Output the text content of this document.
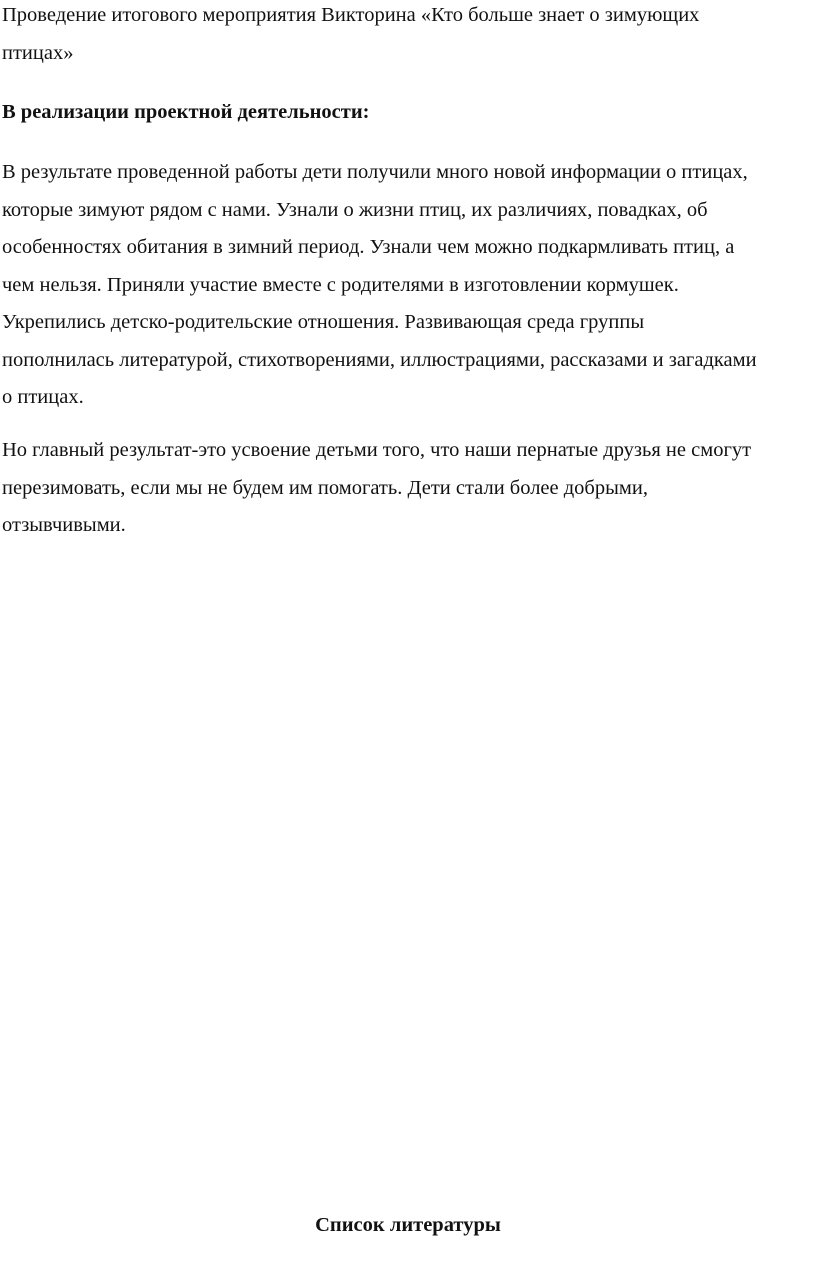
Проведение итогового мероприятия Викторина «Кто больше знает о зимующих
птицах»

В реализации проектной деятельности:

В результате проведенной работы дети получили много новой информации о птицах,
которые зимуют рядом с нами. Узнали о жизни птиц, их различиях, повадках, об
особенностях обитания в зимний период. Узнали чем можно подкармливать птиц, а
чем нельзя. Приняли участие вместе с родителями в изготовлении кормушек.
Укрепились детско-родительские отношения. Развивающая среда группы
пополнилась литературой, стихотворениями, иллюстрациями, рассказами и загадками
о птицах.

Но главный результат-это усвоение детьми того, что наши пернатые друзья не смогут
перезимовать, если мы не будем им помогать. Дети стали более добрыми,
отзывчивыми.

Список литературы
